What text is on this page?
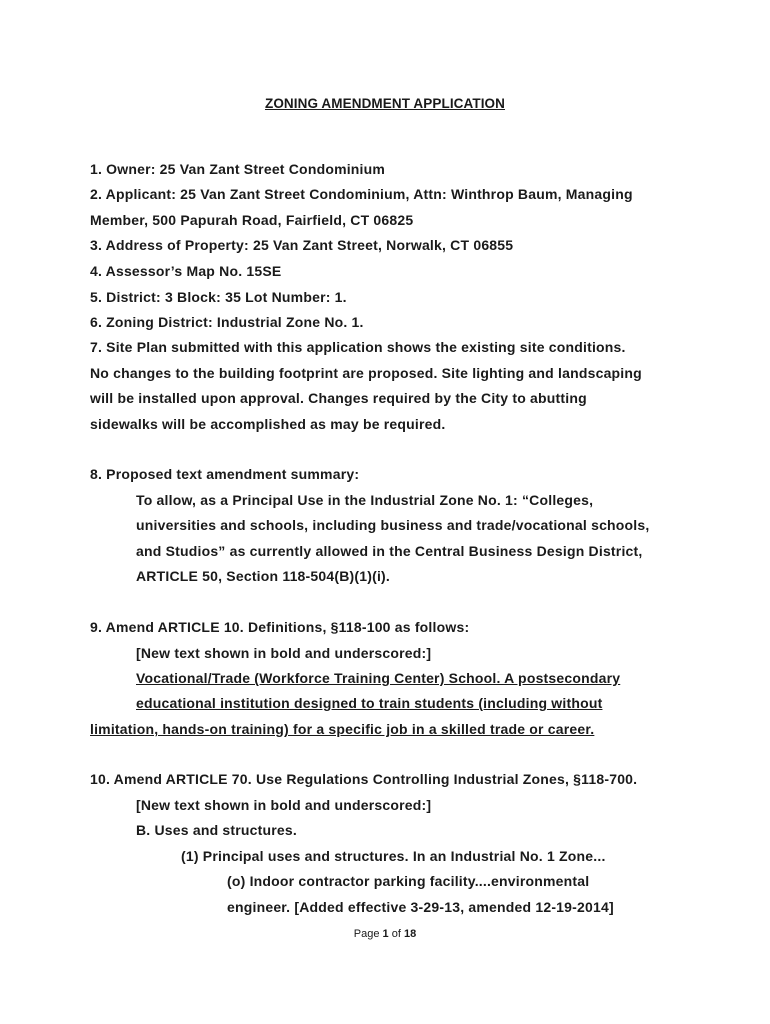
ZONING AMENDMENT APPLICATION
1. Owner: 25 Van Zant Street Condominium
2. Applicant: 25 Van Zant Street Condominium, Attn: Winthrop Baum, Managing
Member, 500 Papurah Road, Fairfield, CT 06825
3. Address of Property: 25 Van Zant Street, Norwalk, CT 06855
4. Assessor’s Map No. 15SE
5. District: 3 Block: 35 Lot Number: 1.
6. Zoning District: Industrial Zone No. 1.
7. Site Plan submitted with this application shows the existing site conditions.
No changes to the building footprint are proposed. Site lighting and landscaping
will be installed upon approval. Changes required by the City to abutting
sidewalks will be accomplished as may be required.
8. Proposed text amendment summary:
To allow, as a Principal Use in the Industrial Zone No. 1: “Colleges,
universities and schools, including business and trade/vocational schools,
and Studios” as currently allowed in the Central Business Design District,
ARTICLE 50, Section 118-504(B)(1)(i).
9. Amend ARTICLE 10. Definitions, §118-100 as follows:
[New text shown in bold and underscored:]
Vocational/Trade (Workforce Training Center) School. A postsecondary
educational institution designed to train students (including without
limitation, hands-on training) for a specific job in a skilled trade or career.
10. Amend ARTICLE 70. Use Regulations Controlling Industrial Zones, §118-700.
[New text shown in bold and underscored:]
B. Uses and structures.
(1) Principal uses and structures. In an Industrial No. 1 Zone...
(o) Indoor contractor parking facility....environmental
engineer. [Added effective 3-29-13, amended 12-19-2014]
Page 1 of 18
